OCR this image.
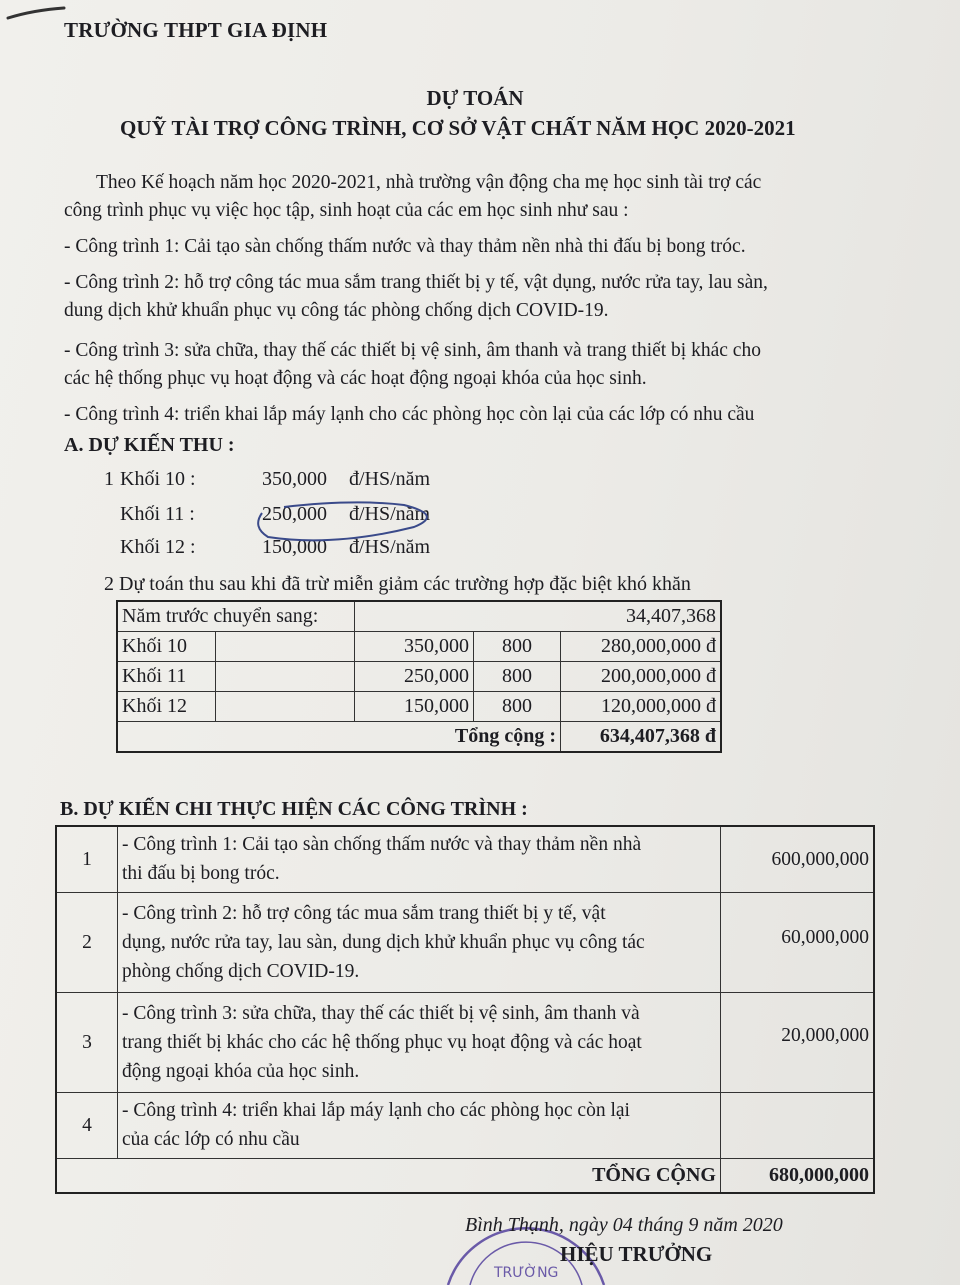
TRƯỜNG THPT GIA ĐỊNH
DỰ TOÁN
QUỸ TÀI TRỢ CÔNG TRÌNH, CƠ SỞ VẬT CHẤT NĂM HỌC 2020-2021
Theo Kế hoạch năm học 2020-2021, nhà trường vận động cha mẹ học sinh tài trợ các
công trình phục vụ việc học tập, sinh hoạt của các em học sinh như sau :
- Công trình 1: Cải tạo sàn chống thấm nước và thay thảm nền nhà thi đấu bị bong tróc.
- Công trình 2: hỗ trợ công tác mua sắm trang thiết bị y tế, vật dụng, nước rửa tay, lau sàn,
dung dịch khử khuẩn phục vụ công tác phòng chống dịch COVID-19.
- Công trình 3: sửa chữa, thay thế các thiết bị vệ sinh, âm thanh và trang thiết bị khác cho
các hệ thống phục vụ hoạt động và các hoạt động ngoại khóa của học sinh.
- Công trình 4: triển khai lắp máy lạnh cho các phòng học còn lại của các lớp có nhu cầu
A. DỰ KIẾN THU :
1 Khối 10 :	350,000 đ/HS/năm
Khối 11 :	250,000 đ/HS/năm
Khối 12 :	150,000 đ/HS/năm
2 Dự toán thu sau khi đã trừ miễn giảm các trường hợp đặc biệt khó khăn
Năm trước chuyển sang:		34,407,368		
Khối 10		350,000	800	280,000,000 đ
Khối 11		250,000	800	200,000,000 đ
Khối 12		150,000	800	120,000,000 đ
Tổng cộng :				634,407,368 đ
B. DỰ KIẾN CHI THỰC HIỆN CÁC CÔNG TRÌNH :
1	- Công trình 1: Cải tạo sàn chống thấm nước và thay thảm nền nhà
thi đấu bị bong tróc.	600,000,000
2	- Công trình 2: hỗ trợ công tác mua sắm trang thiết bị y tế, vật
dụng, nước rửa tay, lau sàn, dung dịch khử khuẩn phục vụ công tác
phòng chống dịch COVID-19.	60,000,000
3	- Công trình 3: sửa chữa, thay thế các thiết bị vệ sinh, âm thanh và
trang thiết bị khác cho các hệ thống phục vụ hoạt động và các hoạt
động ngoại khóa của học sinh.	20,000,000
4	- Công trình 4: triển khai lắp máy lạnh cho các phòng học còn lại
của các lớp có nhu cầu	

TỔNG CỘNG		680,000,000
TRƯỜNG
Bình Thạnh, ngày 04 tháng 9 năm 2020
HIỆU TRƯỞNG
